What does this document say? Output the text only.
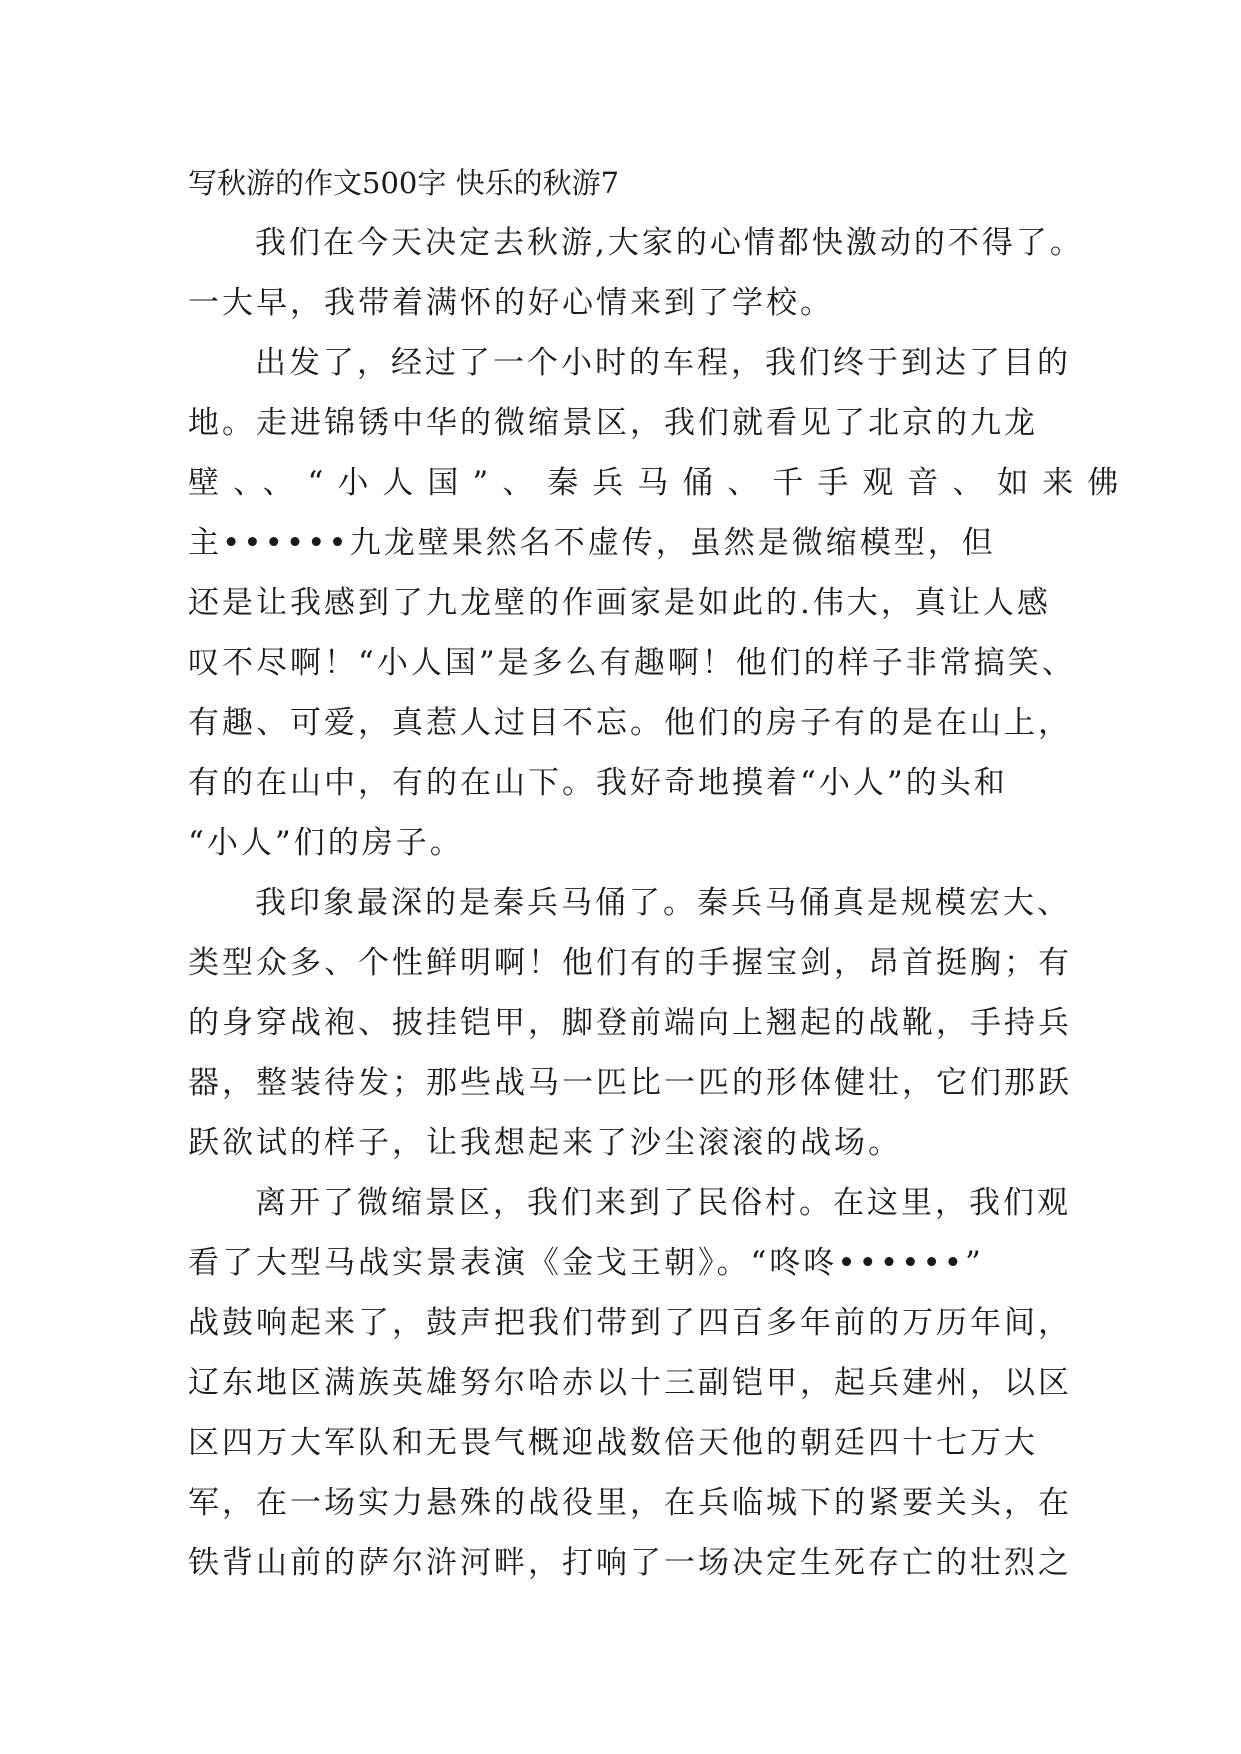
写秋游的作文500字 快乐的秋游7
我们在今天决定去秋游,大家的心情都快激动的不得了。
一大早，我带着满怀的好心情来到了学校。
出发了，经过了一个小时的车程，我们终于到达了目的
地。走进锦锈中华的微缩景区，我们就看见了北京的九龙
壁、、“小人国”、秦兵马俑、千手观音、如来佛
主••••••九龙壁果然名不虚传，虽然是微缩模型，但
还是让我感到了九龙壁的作画家是如此的.伟大，真让人感
叹不尽啊！“小人国”是多么有趣啊！他们的样子非常搞笑、
有趣、可爱，真惹人过目不忘。他们的房子有的是在山上，
有的在山中，有的在山下。我好奇地摸着“小人”的头和
“小人”们的房子。
我印象最深的是秦兵马俑了。秦兵马俑真是规模宏大、
类型众多、个性鲜明啊！他们有的手握宝剑，昂首挺胸；有
的身穿战袍、披挂铠甲，脚登前端向上翘起的战靴，手持兵
器，整装待发；那些战马一匹比一匹的形体健壮，它们那跃
跃欲试的样子，让我想起来了沙尘滚滚的战场。
离开了微缩景区，我们来到了民俗村。在这里，我们观
看了大型马战实景表演《金戈王朝》。“咚咚••••••”
战鼓响起来了，鼓声把我们带到了四百多年前的万历年间，
辽东地区满族英雄努尔哈赤以十三副铠甲，起兵建州，以区
区四万大军队和无畏气概迎战数倍天他的朝廷四十七万大
军，在一场实力悬殊的战役里，在兵临城下的紧要关头，在
铁背山前的萨尔浒河畔，打响了一场决定生死存亡的壮烈之
